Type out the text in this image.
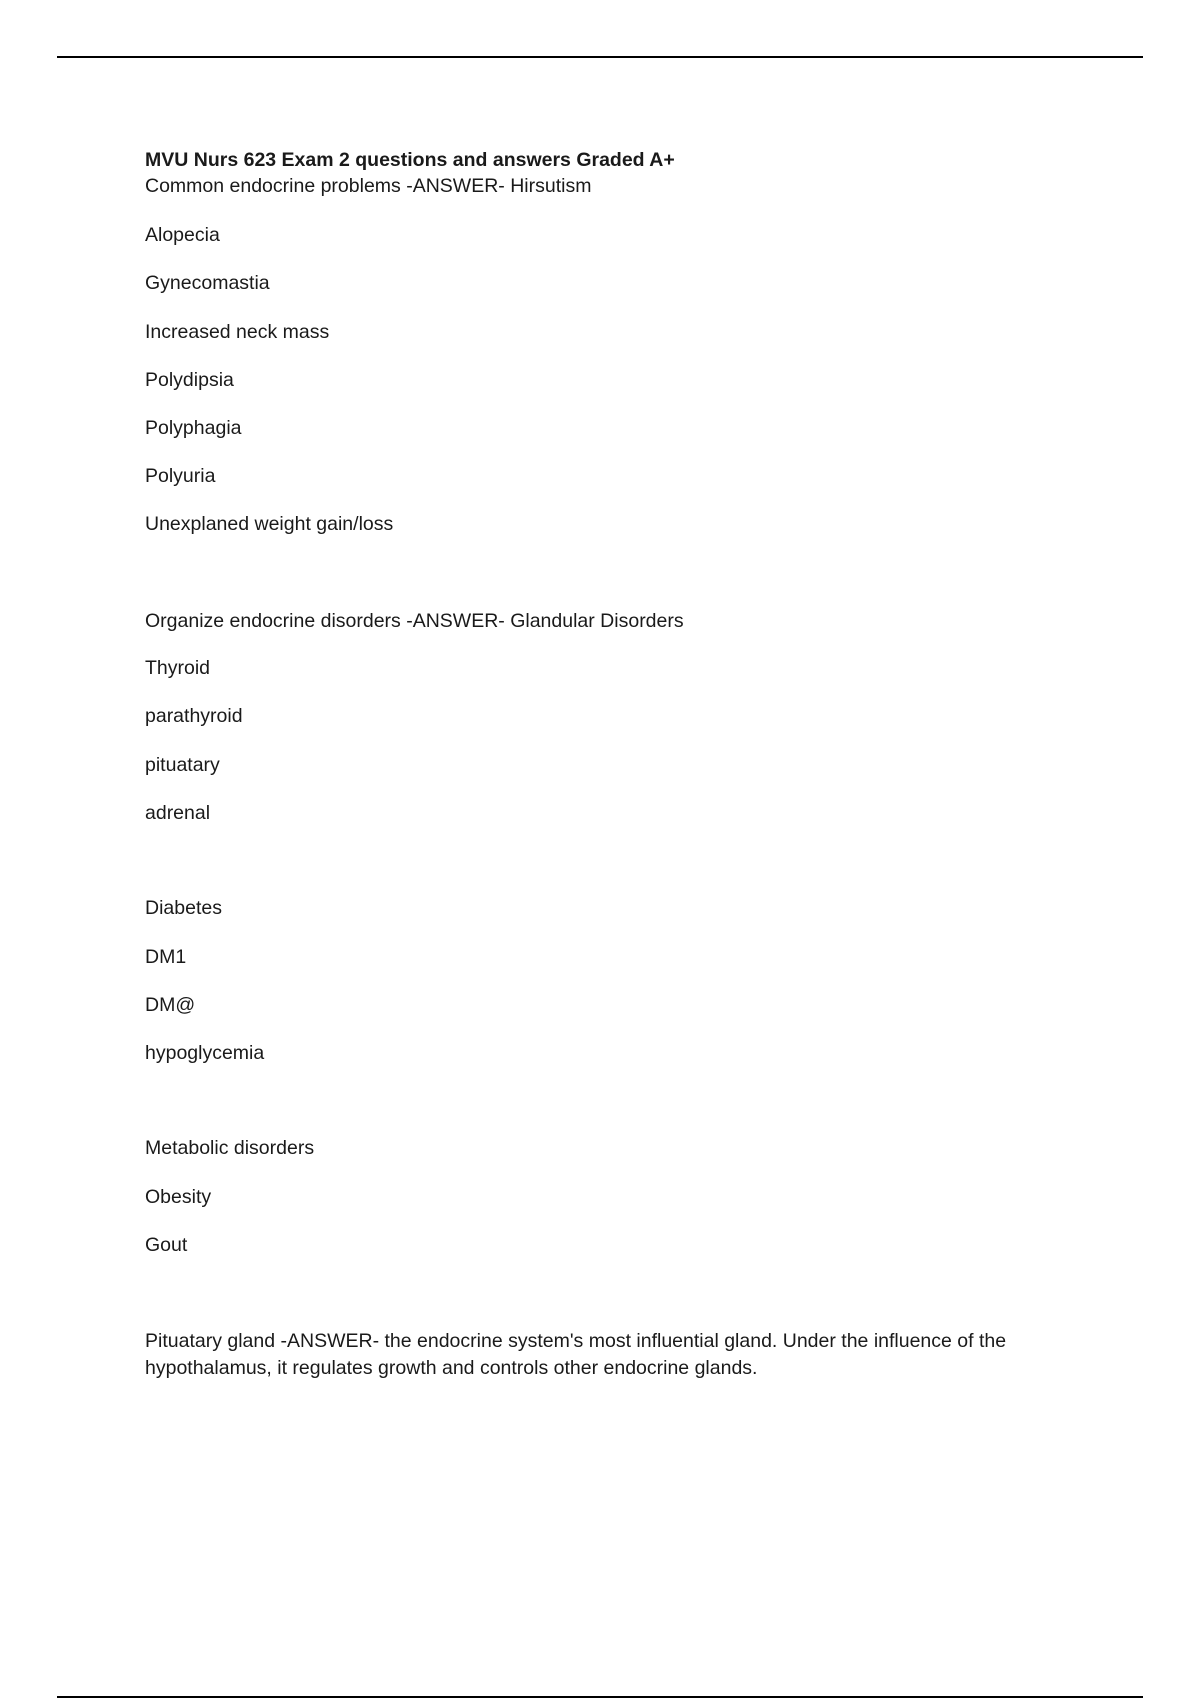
MVU Nurs 623 Exam 2 questions and answers Graded A+
Common endocrine problems -ANSWER- Hirsutism
Alopecia
Gynecomastia
Increased neck mass
Polydipsia
Polyphagia
Polyuria
Unexplaned weight gain/loss
Organize endocrine disorders -ANSWER- Glandular Disorders
Thyroid
parathyroid
pituatary
adrenal
Diabetes
DM1
DM@
hypoglycemia
Metabolic disorders
Obesity
Gout
Pituatary gland -ANSWER- the endocrine system's most influential gland. Under the influence of the hypothalamus, it regulates growth and controls other endocrine glands.
